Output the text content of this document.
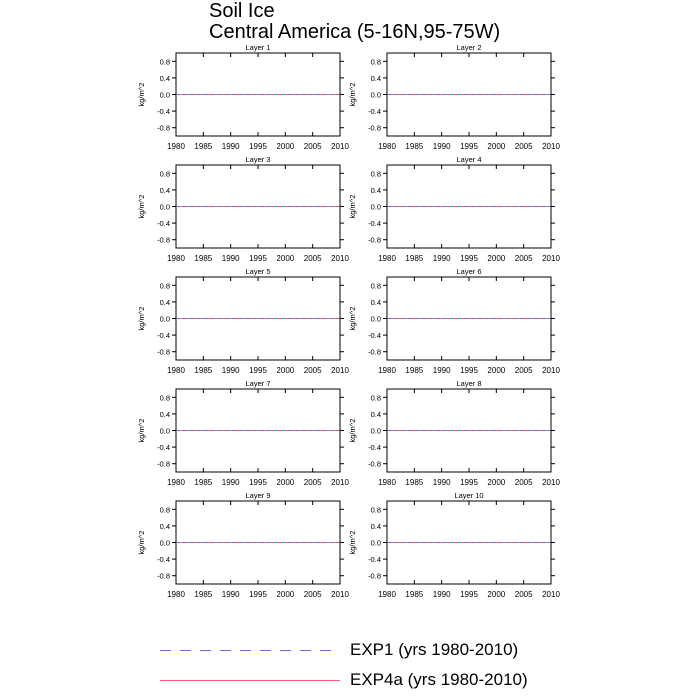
Soil Ice
Central America (5-16N,95-75W)
Layer 1
1980 1985 1990 1995 2000 2005 2010
0.8
0.4
0.0
-0.4
-0.8
kg/m^2
Layer 2
1980 1985 1990 1995 2000 2005 2010
0.8
0.4
0.0
-0.4
-0.8
kg/m^2
Layer 3
1980 1985 1990 1995 2000 2005 2010
0.8
0.4
0.0
-0.4
-0.8
kg/m^2
Layer 4
1980 1985 1990 1995 2000 2005 2010
0.8
0.4
0.0
-0.4
-0.8
kg/m^2
Layer 5
1980 1985 1990 1995 2000 2005 2010
0.8
0.4
0.0
-0.4
-0.8
kg/m^2
Layer 6
1980 1985 1990 1995 2000 2005 2010
0.8
0.4
0.0
-0.4
-0.8
kg/m^2
Layer 7
1980 1985 1990 1995 2000 2005 2010
0.8
0.4
0.0
-0.4
-0.8
kg/m^2
Layer 8
1980 1985 1990 1995 2000 2005 2010
0.8
0.4
0.0
-0.4
-0.8
kg/m^2
Layer 9
1980 1985 1990 1995 2000 2005 2010
0.8
0.4
0.0
-0.4
-0.8
kg/m^2
Layer 10
1980 1985 1990 1995 2000 2005 2010
0.8
0.4
0.0
-0.4
-0.8
kg/m^2
EXP1 (yrs 1980-2010)
EXP4a (yrs 1980-2010)
